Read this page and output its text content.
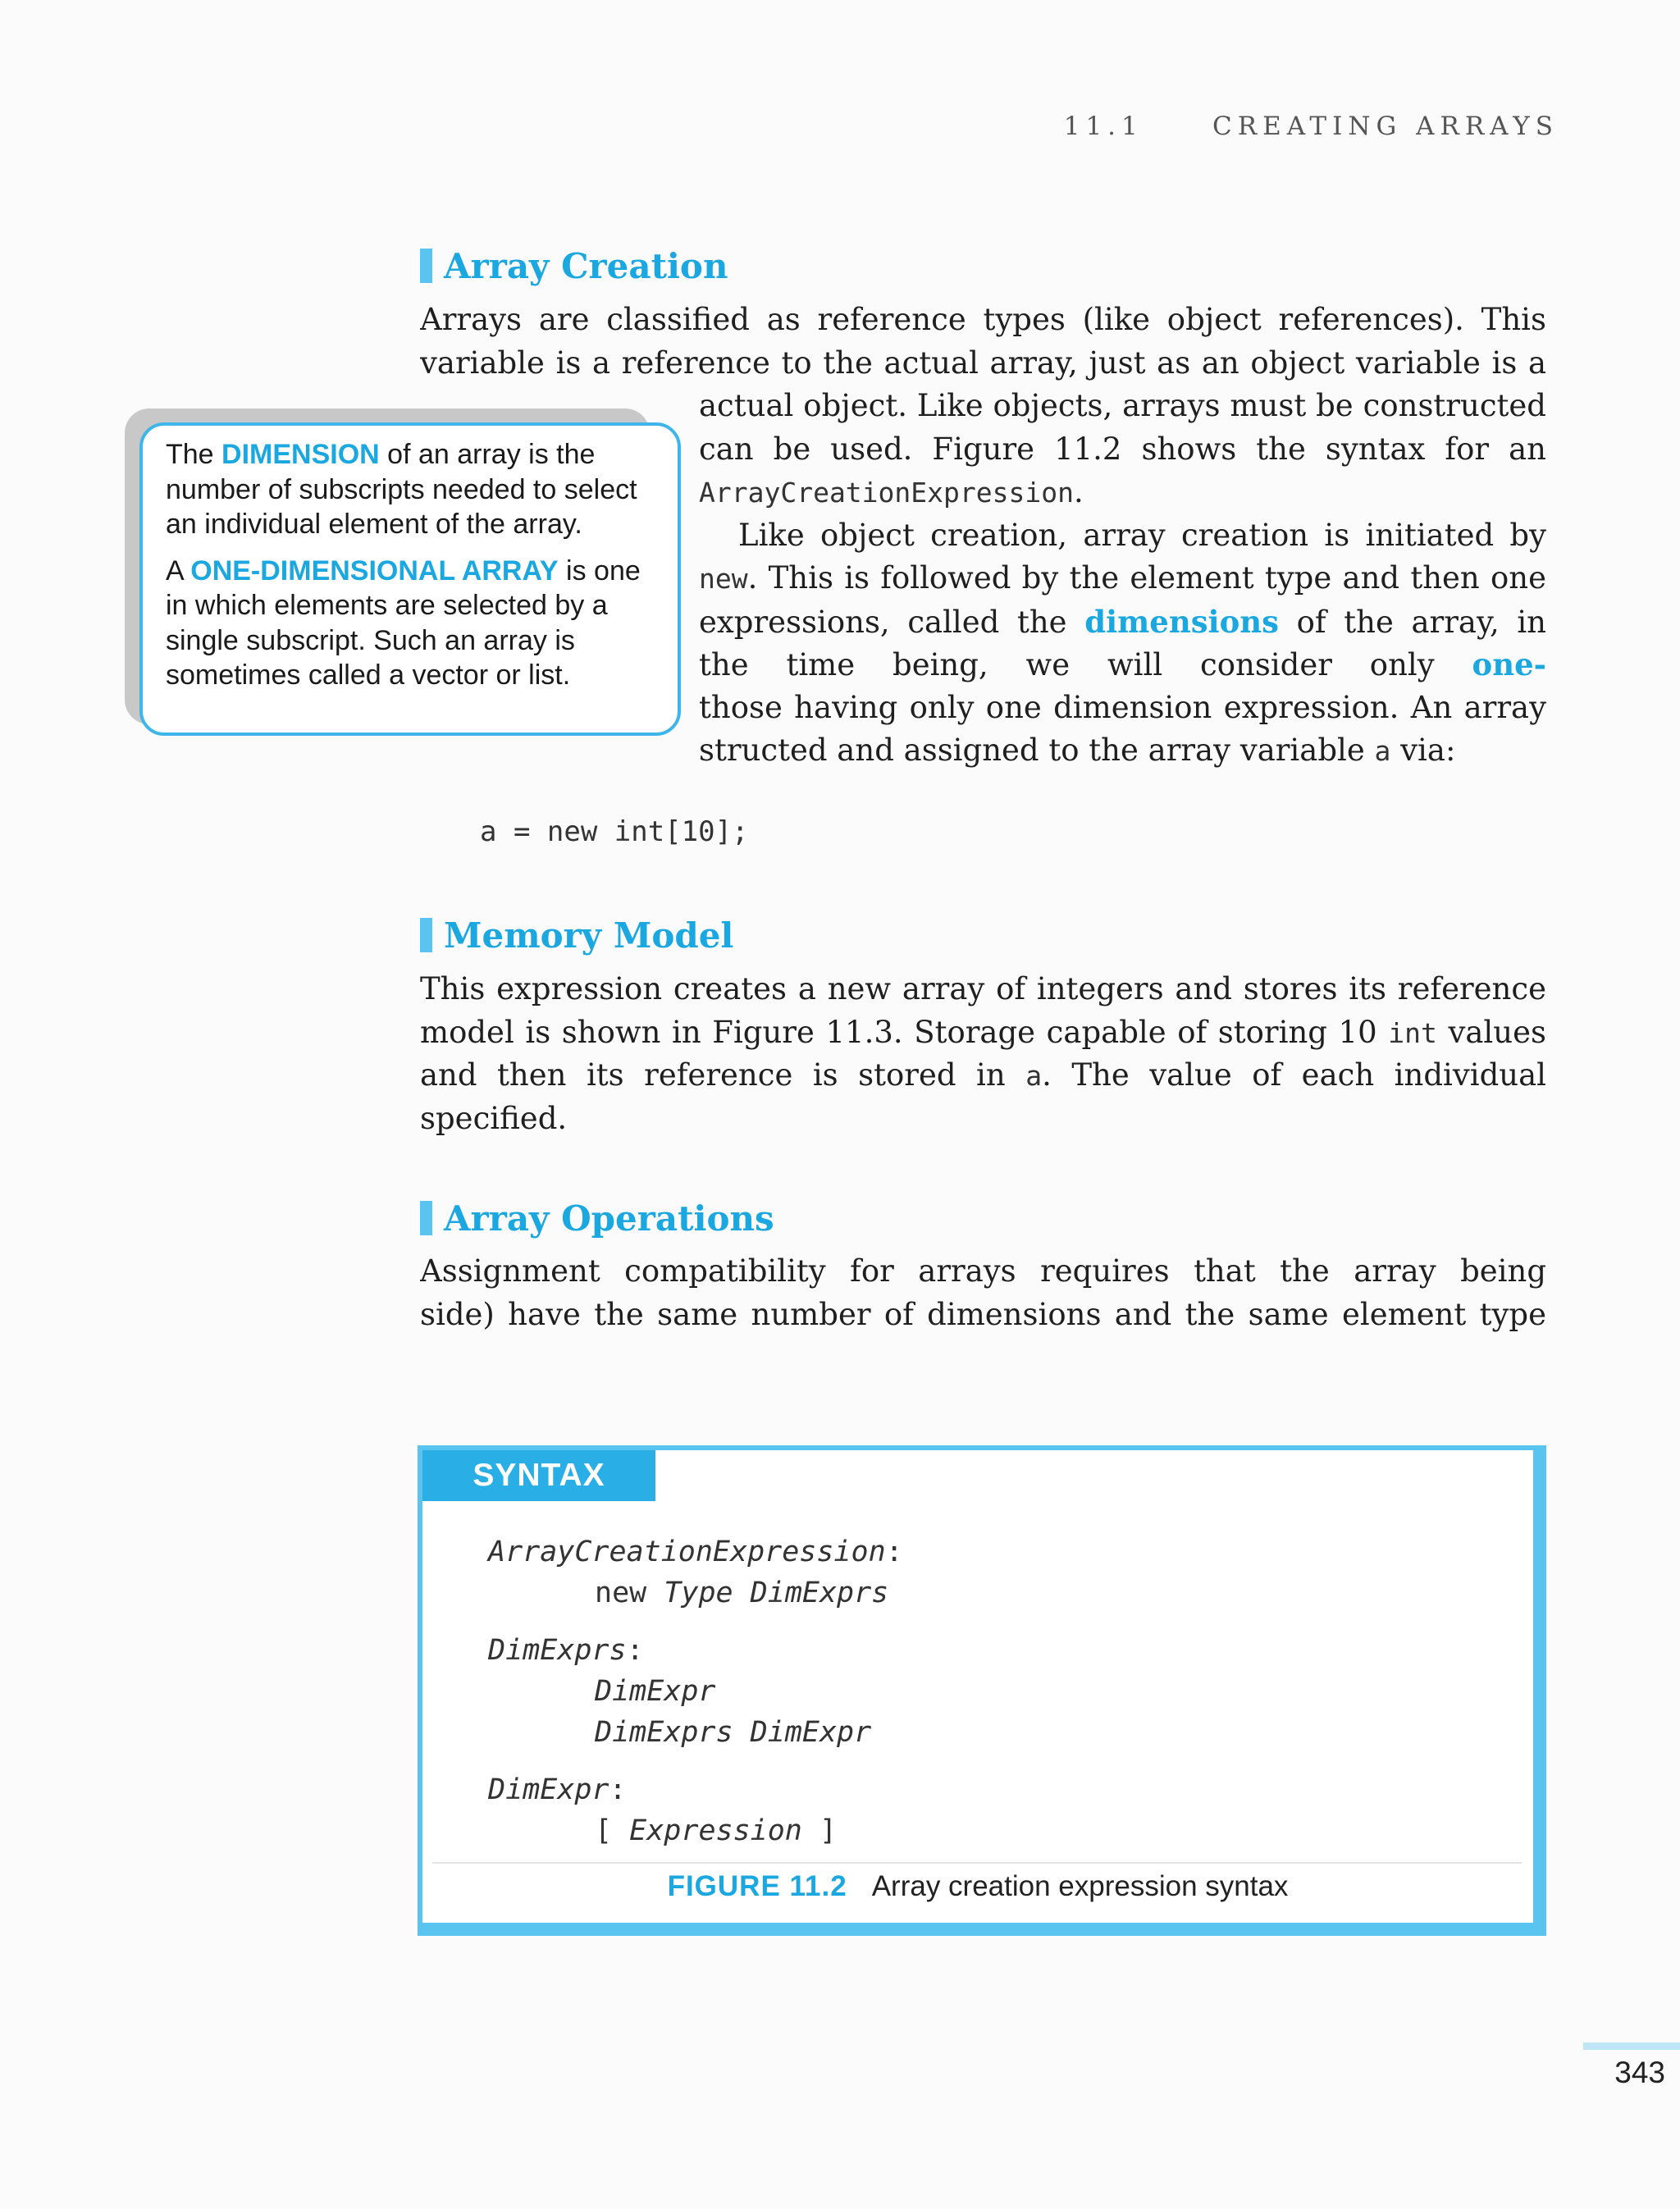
11.1	CREATING ARRAYS
Array Creation
Arrays are classified as reference types (like object references). This
variable is a reference to the actual array, just as an object variable is a
actual object. Like objects, arrays must be constructed
can be used. Figure 11.2 shows the syntax for an
ArrayCreationExpression.
Like object creation, array creation is initiated by
new. This is followed by the element type and then one
expressions, called the dimensions of the array, in
the time being, we will consider only one-
those having only one dimension expression. An array
structed and assigned to the array variable a via:

The DIMENSION of an array is the number of subscripts needed to select an individual element of the array.

A ONE-DIMENSIONAL ARRAY is one in which elements are selected by a single subscript. Such an array is sometimes called a vector or list.

a = new int[10];
Memory Model
This expression creates a new array of integers and stores its reference
model is shown in Figure 11.3. Storage capable of storing 10 int values
and then its reference is stored in a. The value of each individual
specified.
Array Operations
Assignment compatibility for arrays requires that the array being
side) have the same number of dimensions and the same element type
SYNTAX
ArrayCreationExpression:
new Type DimExprs
DimExprs:
DimExpr
DimExprs DimExpr
DimExpr:
[ Expression ]
FIGURE 11.2 Array creation expression syntax
343
